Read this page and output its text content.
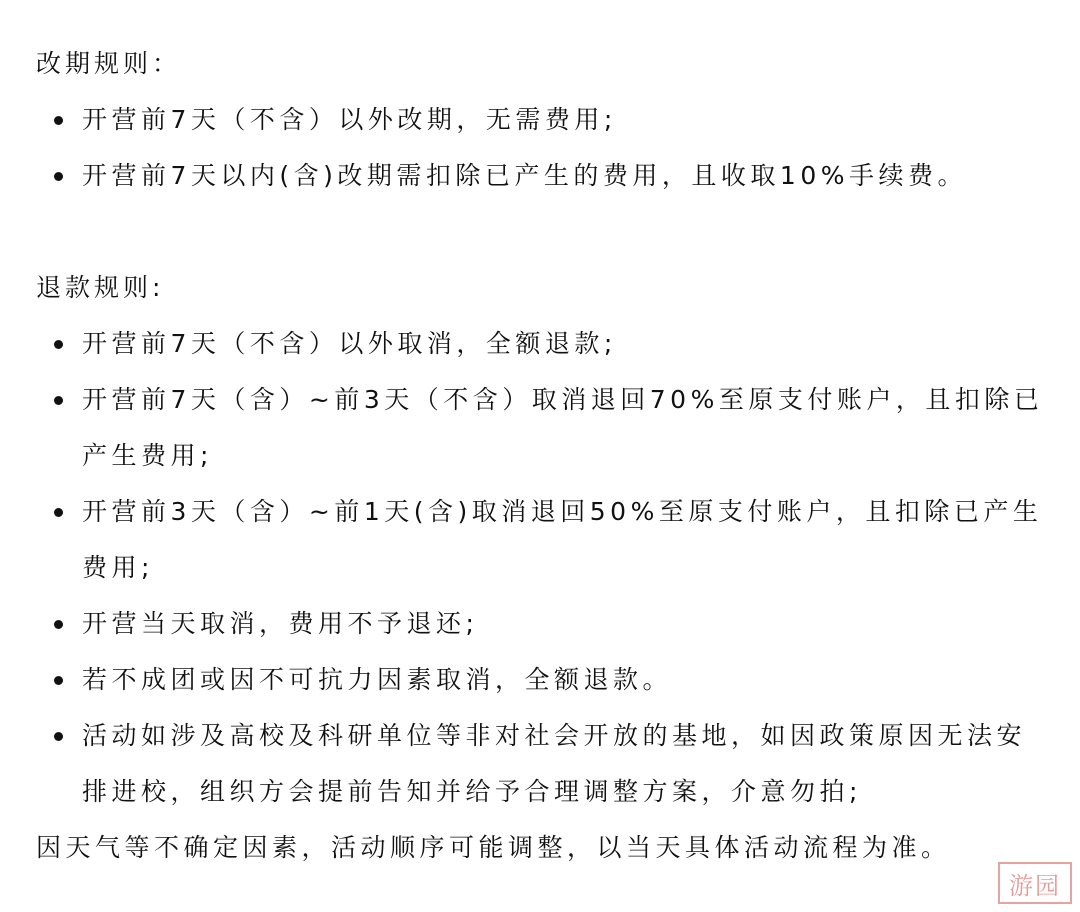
改期规则：

开营前7天（不含）以外改期，无需费用;
开营前7天以内(含)改期需扣除已产生的费用，且收取10%手续费。

退款规则:

开营前7天（不含）以外取消，全额退款;
开营前7天（含）~前3天（不含）取消退回70%至原支付账户，且扣除已产生费用;
开营前3天（含）~前1天(含)取消退回50%至原支付账户，且扣除已产生费用;
开营当天取消，费用不予退还;
若不成团或因不可抗力因素取消，全额退款。
活动如涉及高校及科研单位等非对社会开放的基地，如因政策原因无法安排进校，组织方会提前告知并给予合理调整方案，介意勿拍;

因天气等不确定因素，活动顺序可能调整，以当天具体活动流程为准。

游园
